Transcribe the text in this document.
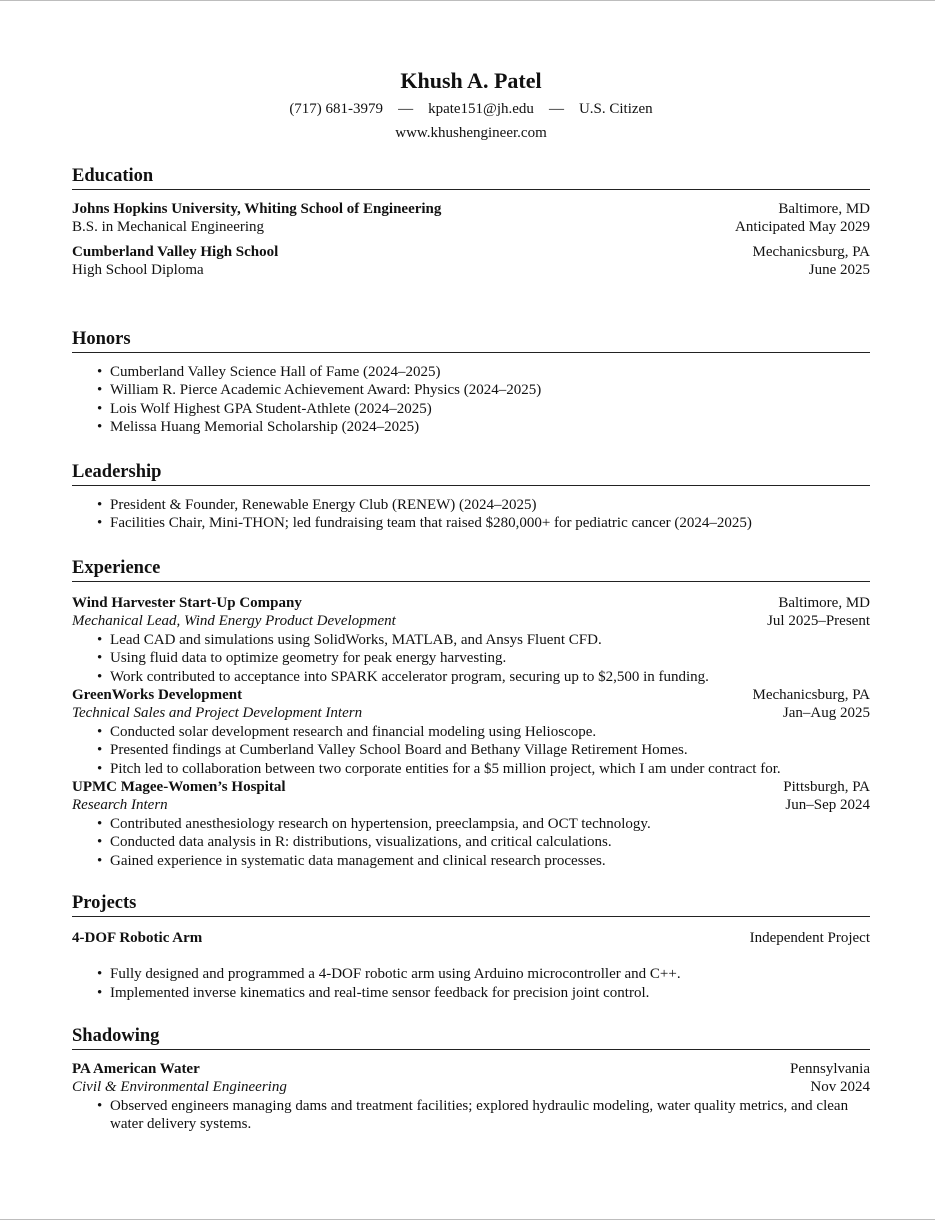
Khush A. Patel
(717) 681-3979 — kpate151@jh.edu — U.S. Citizen
www.khushengineer.com
Education
Johns Hopkins University, Whiting School of Engineering	Baltimore, MD
B.S. in Mechanical Engineering	Anticipated May 2029
Cumberland Valley High School	Mechanicsburg, PA
High School Diploma	June 2025
Honors
• Cumberland Valley Science Hall of Fame (2024–2025)
• William R. Pierce Academic Achievement Award: Physics (2024–2025)
• Lois Wolf Highest GPA Student-Athlete (2024–2025)
• Melissa Huang Memorial Scholarship (2024–2025)
Leadership
• President & Founder, Renewable Energy Club (RENEW) (2024–2025)
• Facilities Chair, Mini-THON; led fundraising team that raised $280,000+ for pediatric cancer (2024–2025)
Experience
Wind Harvester Start-Up Company	Baltimore, MD
Mechanical Lead, Wind Energy Product Development	Jul 2025–Present
• Lead CAD and simulations using SolidWorks, MATLAB, and Ansys Fluent CFD.
• Using fluid data to optimize geometry for peak energy harvesting.
• Work contributed to acceptance into SPARK accelerator program, securing up to $2,500 in funding.
GreenWorks Development	Mechanicsburg, PA
Technical Sales and Project Development Intern	Jan–Aug 2025
• Conducted solar development research and financial modeling using Helioscope.
• Presented findings at Cumberland Valley School Board and Bethany Village Retirement Homes.
• Pitch led to collaboration between two corporate entities for a $5 million project, which I am under contract for.
UPMC Magee-Women’s Hospital	Pittsburgh, PA
Research Intern	Jun–Sep 2024
• Contributed anesthesiology research on hypertension, preeclampsia, and OCT technology.
• Conducted data analysis in R: distributions, visualizations, and critical calculations.
• Gained experience in systematic data management and clinical research processes.
Projects
4-DOF Robotic Arm	Independent Project
• Fully designed and programmed a 4-DOF robotic arm using Arduino microcontroller and C++.
• Implemented inverse kinematics and real-time sensor feedback for precision joint control.
Shadowing
PA American Water	Pennsylvania
Civil & Environmental Engineering	Nov 2024
• Observed engineers managing dams and treatment facilities; explored hydraulic modeling, water quality metrics, and clean water delivery systems.
